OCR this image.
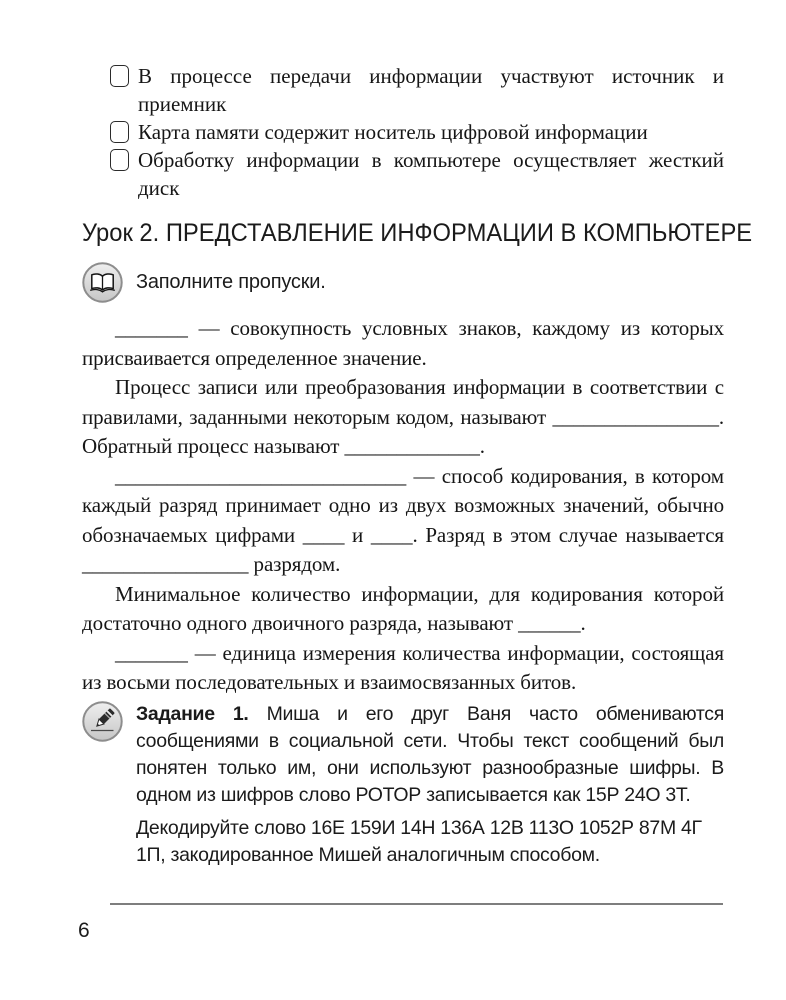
В процессе передачи информации участвуют источник и приемник
Карта памяти содержит носитель цифровой информации
Обработку информации в компьютере осуществляет жесткий диск
Урок 2. ПРЕДСТАВЛЕНИЕ ИНФОРМАЦИИ В КОМПЬЮТЕРЕ
Заполните пропуски.

_______ — совокупность условных знаков, каждому из которых присваивается определенное значение.

Процесс записи или преобразования информации в соответствии с правилами, заданными некоторым кодом, называют ________________. Обратный процесс называют _____________.

____________________________ — способ кодирования, в котором каждый разряд принимает одно из двух возможных значений, обычно обозначаемых цифрами ____ и ____. Разряд в этом случае называется ________________ разрядом.

Минимальное количество информации, для кодирования которой достаточно одного двоичного разряда, называют ______.

_______ — единица измерения количества информации, состоящая из восьми последовательных и взаимосвязанных битов.

Задание 1. Миша и его друг Ваня часто обмениваются сообщениями в социальной сети. Чтобы текст сообщений был понятен только им, они используют разнообразные шифры. В одном из шифров слово РОТОР записывается как 15Р 24О 3Т.

Декодируйте слово 16Е 159И 14Н 136А 12В 113О 1052Р 87М 4Г 1П, закодированное Мишей аналогичным способом.

6
